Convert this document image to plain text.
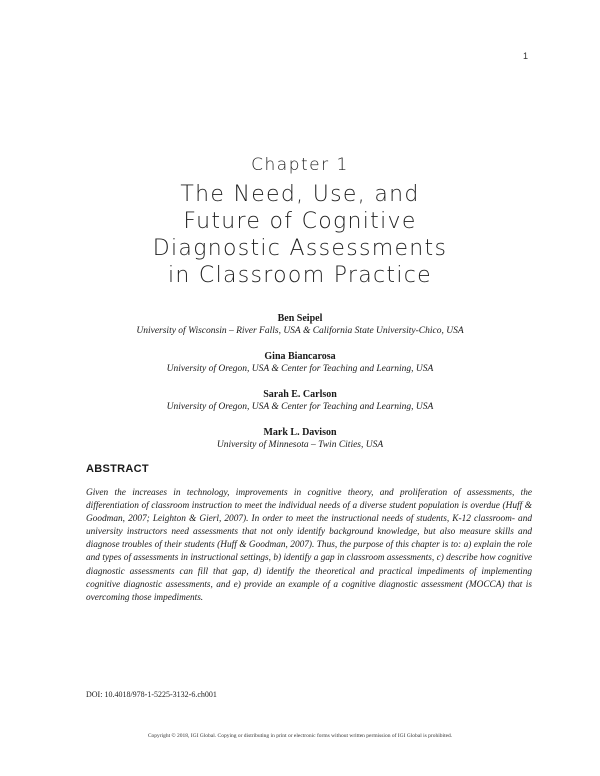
1
Chapter 1
The Need, Use, and
Future of Cognitive
Diagnostic Assessments
in Classroom Practice
Ben Seipel
University of Wisconsin – River Falls, USA & California State University-Chico, USA
Gina Biancarosa
University of Oregon, USA & Center for Teaching and Learning, USA
Sarah E. Carlson
University of Oregon, USA & Center for Teaching and Learning, USA
Mark L. Davison
University of Minnesota – Twin Cities, USA
ABSTRACT

Given the increases in technology, improvements in cognitive theory, and proliferation of assessments, the differentiation of classroom instruction to meet the individual needs of a diverse student population is overdue (Huff & Goodman, 2007; Leighton & Gierl, 2007). In order to meet the instructional needs of students, K-12 classroom- and university instructors need assessments that not only identify background knowledge, but also measure skills and diagnose troubles of their students (Huff & Goodman, 2007). Thus, the purpose of this chapter is to: a) explain the role and types of assessments in instructional settings, b) identify a gap in classroom assessments, c) describe how cognitive diagnostic assessments can fill that gap, d) identify the theoretical and practical impediments of implementing cognitive diagnostic assessments, and e) provide an example of a cognitive diagnostic assessment (MOCCA) that is overcoming those impediments.

DOI: 10.4018/978-1-5225-3132-6.ch001
Copyright © 2018, IGI Global. Copying or distributing in print or electronic forms without written permission of IGI Global is prohibited.
